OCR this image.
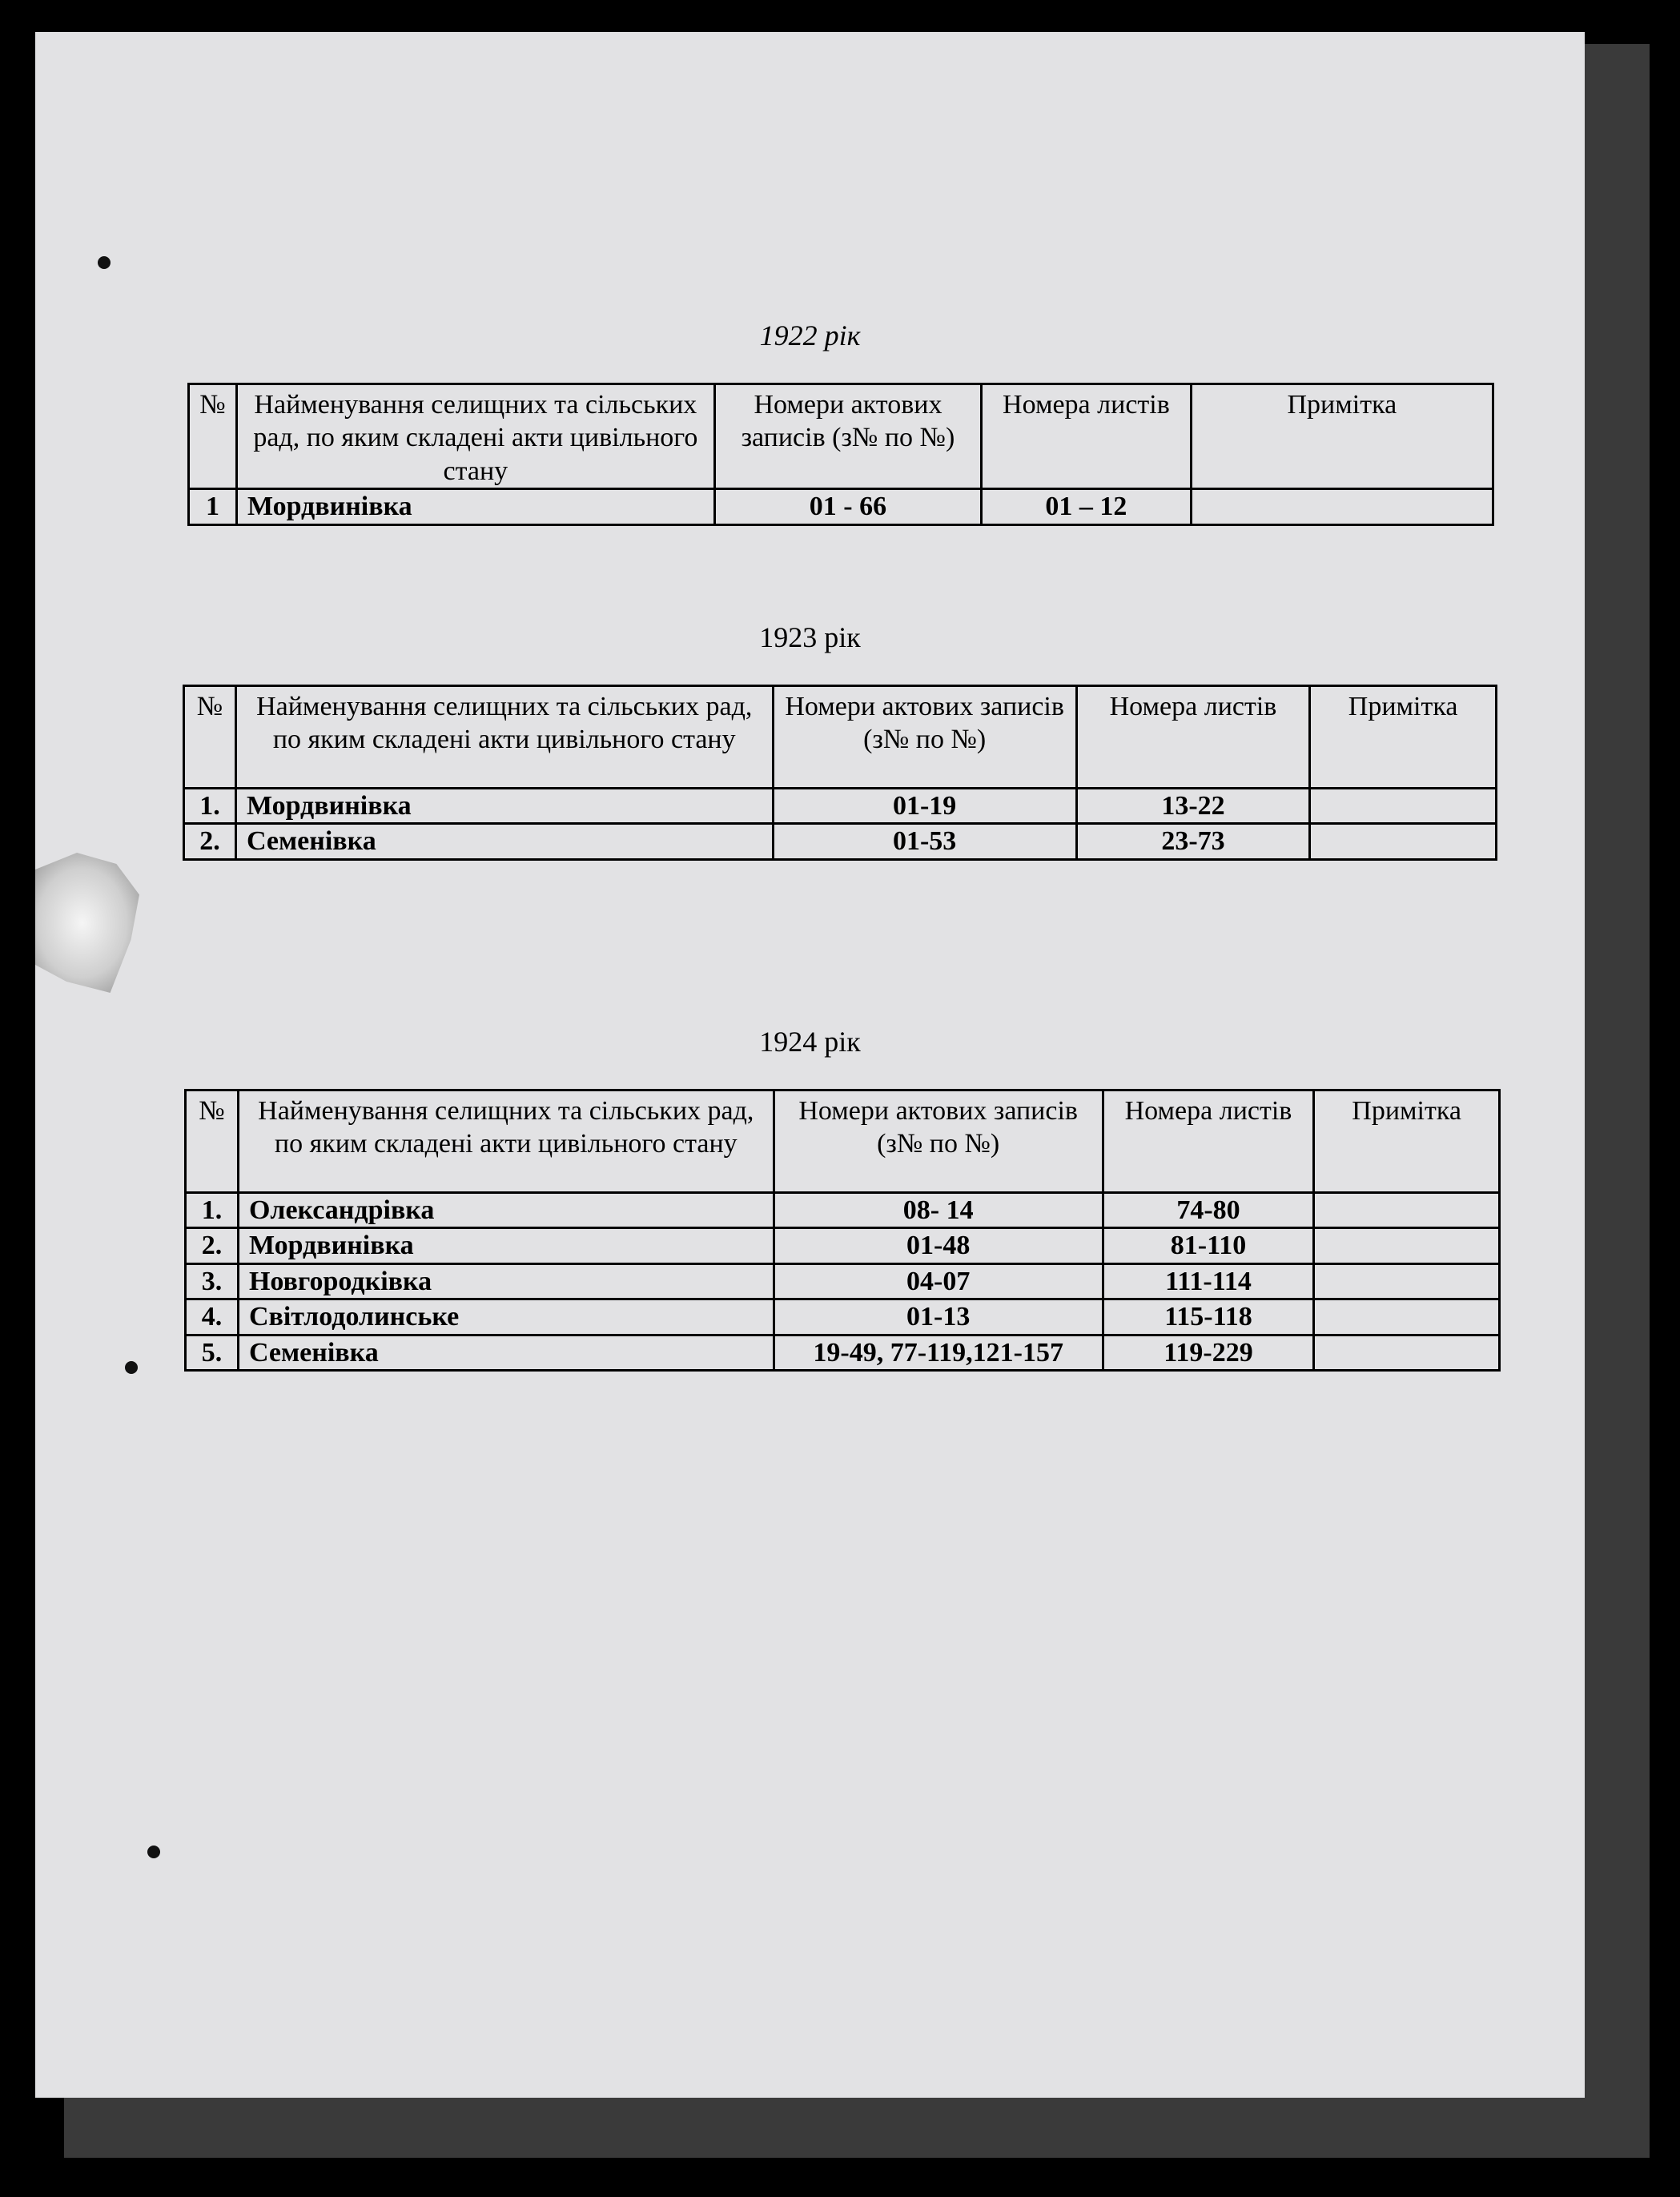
1922 рік
№	Найменування селищних та сільських рад, по яким складені акти цивільного стану	Номери актових записів (з№ по №)	Номера листів	Примітка
1	Мордвинівка	01 - 66	01 – 12	
1923 рік
№	Найменування селищних та сільських рад, по яким складені акти цивільного стану	Номери актових записів (з№ по №)	Номера листів	Примітка
1.	Мордвинівка	01-19	13-22	
2.	Семенівка	01-53	23-73	
1924 рік
№	Найменування селищних та сільських рад, по яким складені акти цивільного стану	Номери актових записів (з№ по №)	Номера листів	Примітка
1.	Олександрівка	08- 14	74-80	
2.	Мордвинівка	01-48	81-110	
3.	Новгородківка	04-07	111-114	
4.	Світлодолинське	01-13	115-118	
5.	Семенівка	19-49, 77-119,121-157	119-229	
